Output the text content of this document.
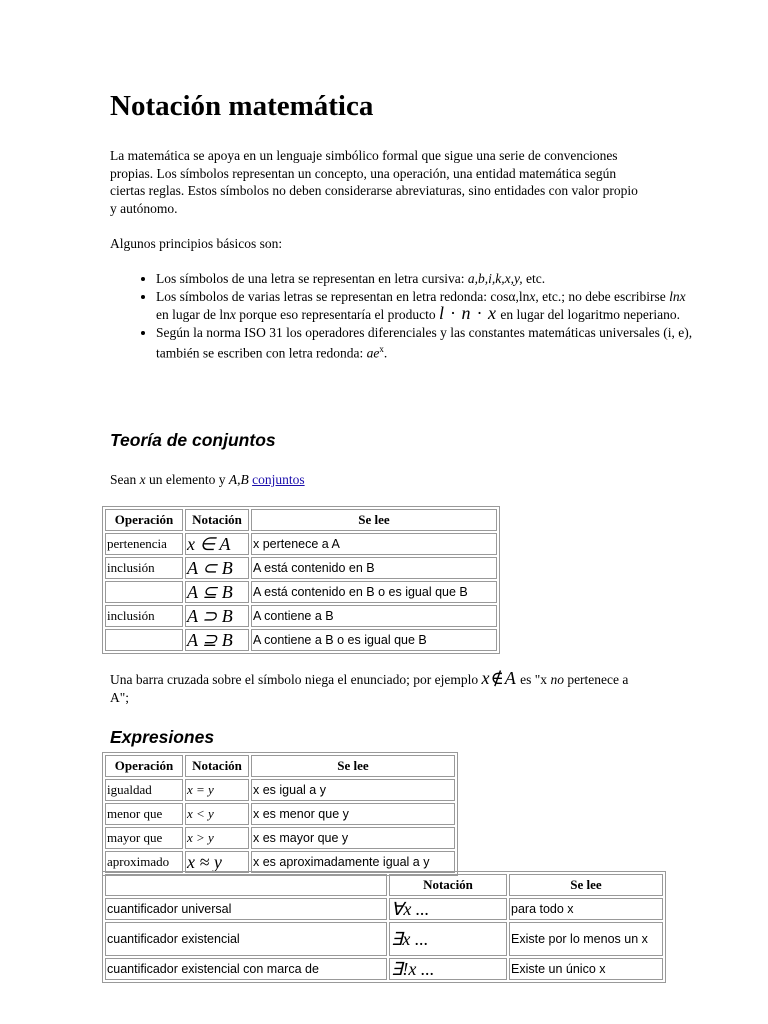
Notación matemática

La matemática se apoya en un lenguaje simbólico formal que sigue una serie de convenciones propias. Los símbolos representan un concepto, una operación, una entidad matemática según ciertas reglas. Estos símbolos no deben considerarse abreviaturas, sino entidades con valor propio y autónomo.

Algunos principios básicos son:

• Los símbolos de una letra se representan en letra cursiva: a,b,i,k,x,y, etc.
• Los símbolos de varias letras se representan en letra redonda: cosα,lnx, etc.; no debe escribirse lnx en lugar de lnx porque eso representaría el producto l · n · x en lugar del logaritmo neperiano.
• Según la norma ISO 31 los operadores diferenciales y las constantes matemáticas universales (i, e), también se escriben con letra redonda: $ae^x$.
Teoría de conjuntos

Sean x un elemento y A,B conjuntos

Operación	Notación	Se lee
pertenencia	x ∈ A	x pertenece a A
inclusión	A ⊂ B	A está contenido en B
	A ⊆ B	A está contenido en B o es igual que B
inclusión	A ⊃ B	A contiene a B
	A ⊇ B	A contiene a B o es igual que B

Una barra cruzada sobre el símbolo niega el enunciado; por ejemplo x∉A es "x no pertenece a A";

Expresiones
Operación	Notación	Se lee
igualdad	x = y	x es igual a y
menor que	x < y	x es menor que y
mayor que	x > y	x es mayor que y
aproximado	x ≈ y	x es aproximadamente igual a y
	Notación	Se lee
cuantificador universal	∀x ...	para todo x
cuantificador existencial	∃x ...	Existe por lo menos un x
cuantificador existencial con marca de	∃!x ...	Existe un único x
